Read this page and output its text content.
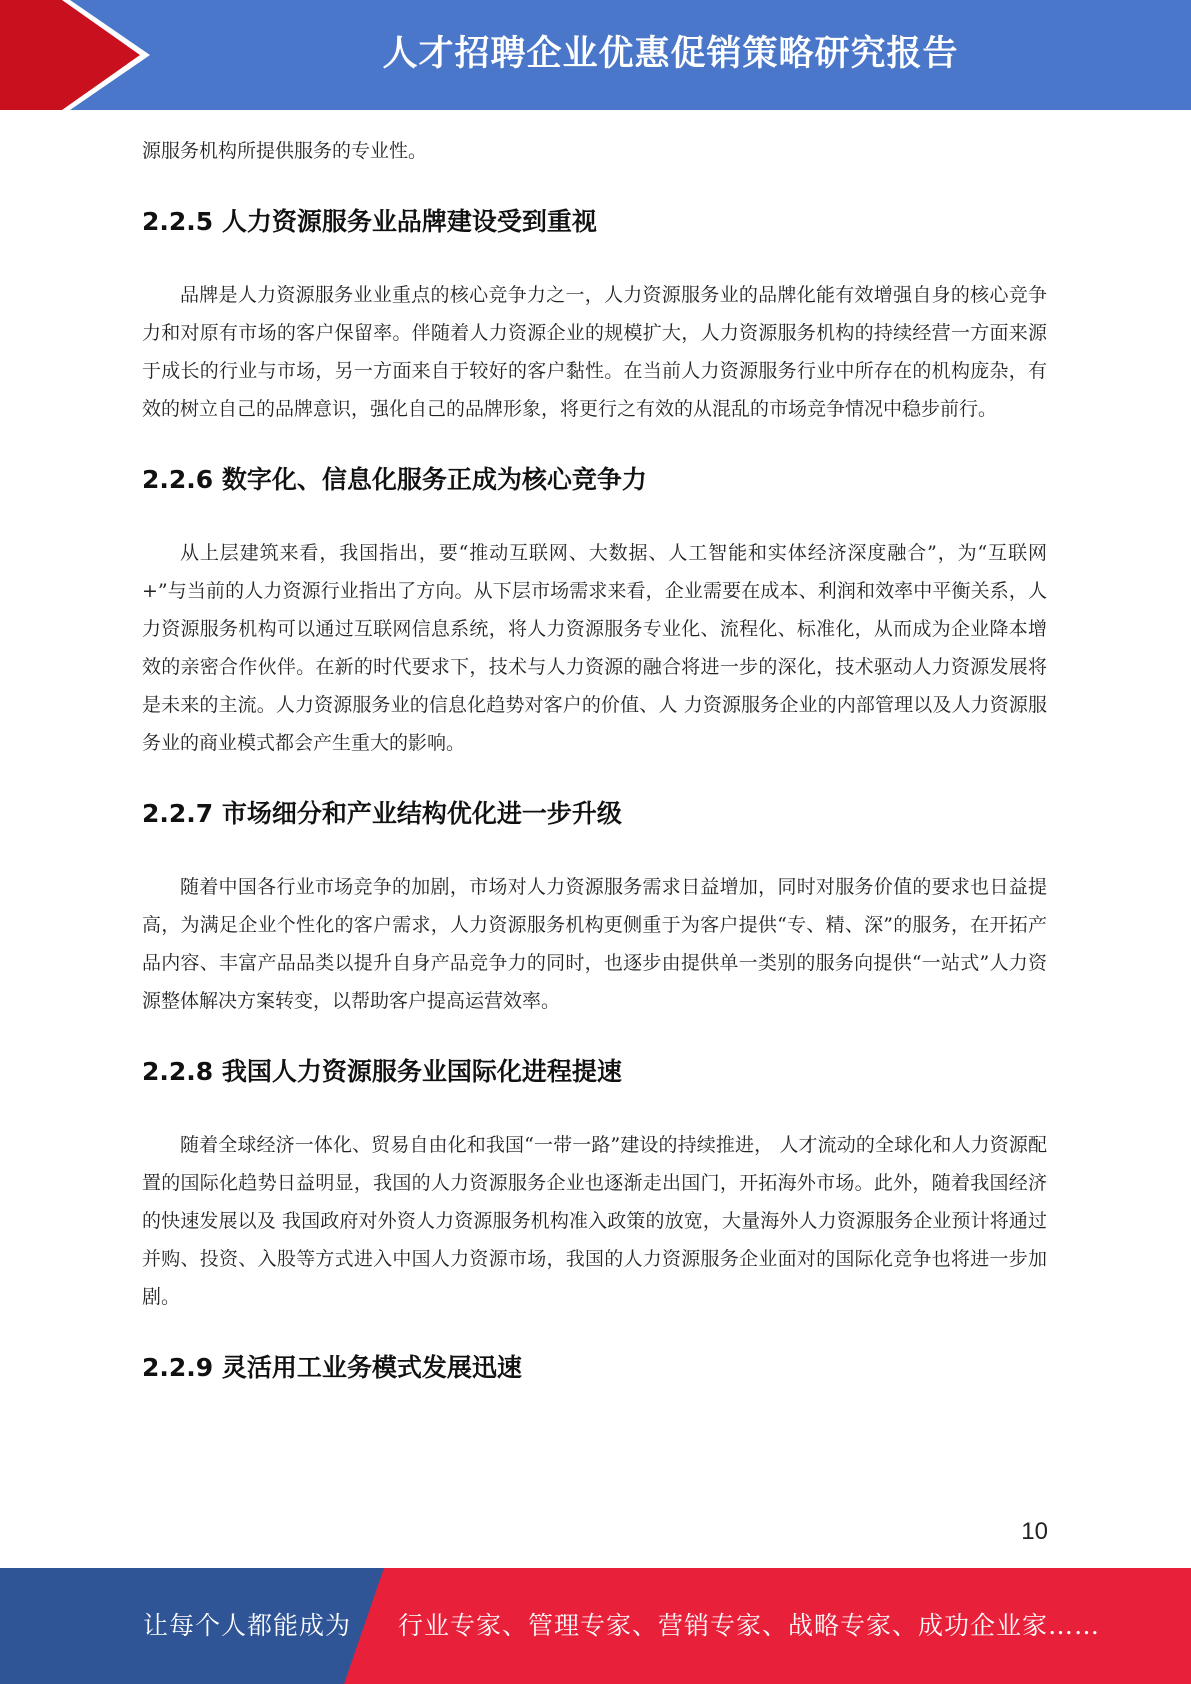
人才招聘企业优惠促销策略研究报告

源服务机构所提供服务的专业性。

2.2.5 人力资源服务业品牌建设受到重视

品牌是人力资源服务业业重点的核心竞争力之一，人力资源服务业的品牌化能有效增强自身的核心竞争力和对原有市场的客户保留率。伴随着人力资源企业的规模扩大，人力资源服务机构的持续经营一方面来源于成长的行业与市场，另一方面来自于较好的客户黏性。在当前人力资源服务行业中所存在的机构庞杂，有效的树立自己的品牌意识，强化自己的品牌形象，将更行之有效的从混乱的市场竞争情况中稳步前行。

2.2.6 数字化、信息化服务正成为核心竞争力

从上层建筑来看，我国指出，要“推动互联网、大数据、人工智能和实体经济深度融合”，为“互联网+”与当前的人力资源行业指出了方向。从下层市场需求来看，企业需要在成本、利润和效率中平衡关系，人力资源服务机构可以通过互联网信息系统，将人力资源服务专业化、流程化、标准化，从而成为企业降本增效的亲密合作伙伴。在新的时代要求下，技术与人力资源的融合将进一步的深化，技术驱动人力资源发展将是未来的主流。人力资源服务业的信息化趋势对客户的价值、人 力资源服务企业的内部管理以及人力资源服务业的商业模式都会产生重大的影响。

2.2.7 市场细分和产业结构优化进一步升级

随着中国各行业市场竞争的加剧，市场对人力资源服务需求日益增加，同时对服务价值的要求也日益提高，为满足企业个性化的客户需求，人力资源服务机构更侧重于为客户提供“专、精、深”的服务，在开拓产品内容、丰富产品品类以提升自身产品竞争力的同时，也逐步由提供单一类别的服务向提供“一站式”人力资源整体解决方案转变，以帮助客户提高运营效率。

2.2.8 我国人力资源服务业国际化进程提速

随着全球经济一体化、贸易自由化和我国“一带一路”建设的持续推进， 人才流动的全球化和人力资源配置的国际化趋势日益明显，我国的人力资源服务企业也逐渐走出国门，开拓海外市场。此外，随着我国经济的快速发展以及 我国政府对外资人力资源服务机构准入政策的放宽，大量海外人力资源服务企业预计将通过并购、投资、入股等方式进入中国人力资源市场，我国的人力资源服务企业面对的国际化竞争也将进一步加剧。

2.2.9 灵活用工业务模式发展迅速
10
让每个人都能成为 行业专家、管理专家、营销专家、战略专家、成功企业家……
